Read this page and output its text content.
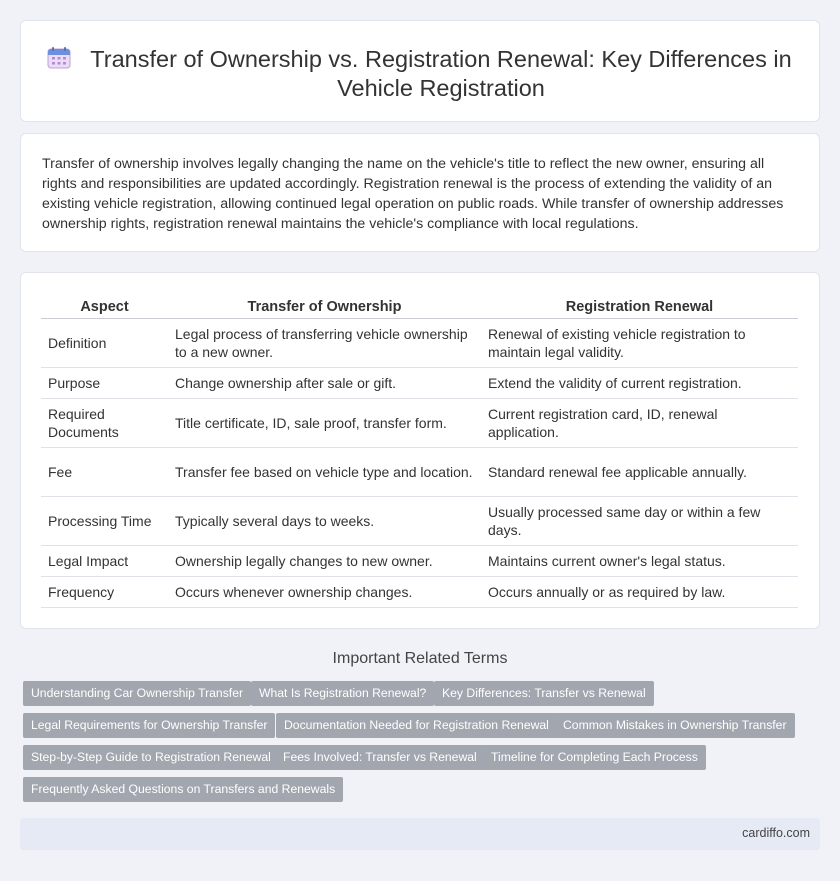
Transfer of Ownership vs. Registration Renewal: Key Differences in Vehicle Registration

Transfer of ownership involves legally changing the name on the vehicle's title to reflect the new owner, ensuring all rights and responsibilities are updated accordingly. Registration renewal is the process of extending the validity of an existing vehicle registration, allowing continued legal operation on public roads. While transfer of ownership addresses ownership rights, registration renewal maintains the vehicle's compliance with local regulations.

Aspect	Transfer of Ownership	Registration Renewal
Definition	Legal process of transferring vehicle ownership to a new owner.	Renewal of existing vehicle registration to maintain legal validity.
Purpose	Change ownership after sale or gift.	Extend the validity of current registration.
Required Documents	Title certificate, ID, sale proof, transfer form.	Current registration card, ID, renewal application.
Fee	Transfer fee based on vehicle type and location.	Standard renewal fee applicable annually.
Processing Time	Typically several days to weeks.	Usually processed same day or within a few days.
Legal Impact	Ownership legally changes to new owner.	Maintains current owner's legal status.
Frequency	Occurs whenever ownership changes.	Occurs annually or as required by law.
Important Related Terms
Understanding Car Ownership Transfer	What Is Registration Renewal?	Key Differences: Transfer vs Renewal
Legal Requirements for Ownership Transfer	Documentation Needed for Registration Renewal	Common Mistakes in Ownership Transfer
Step-by-Step Guide to Registration Renewal Fees Involved: Transfer vs Renewal	Timeline for Completing Each Process
Frequently Asked Questions on Transfers and Renewals
cardiffo.com
